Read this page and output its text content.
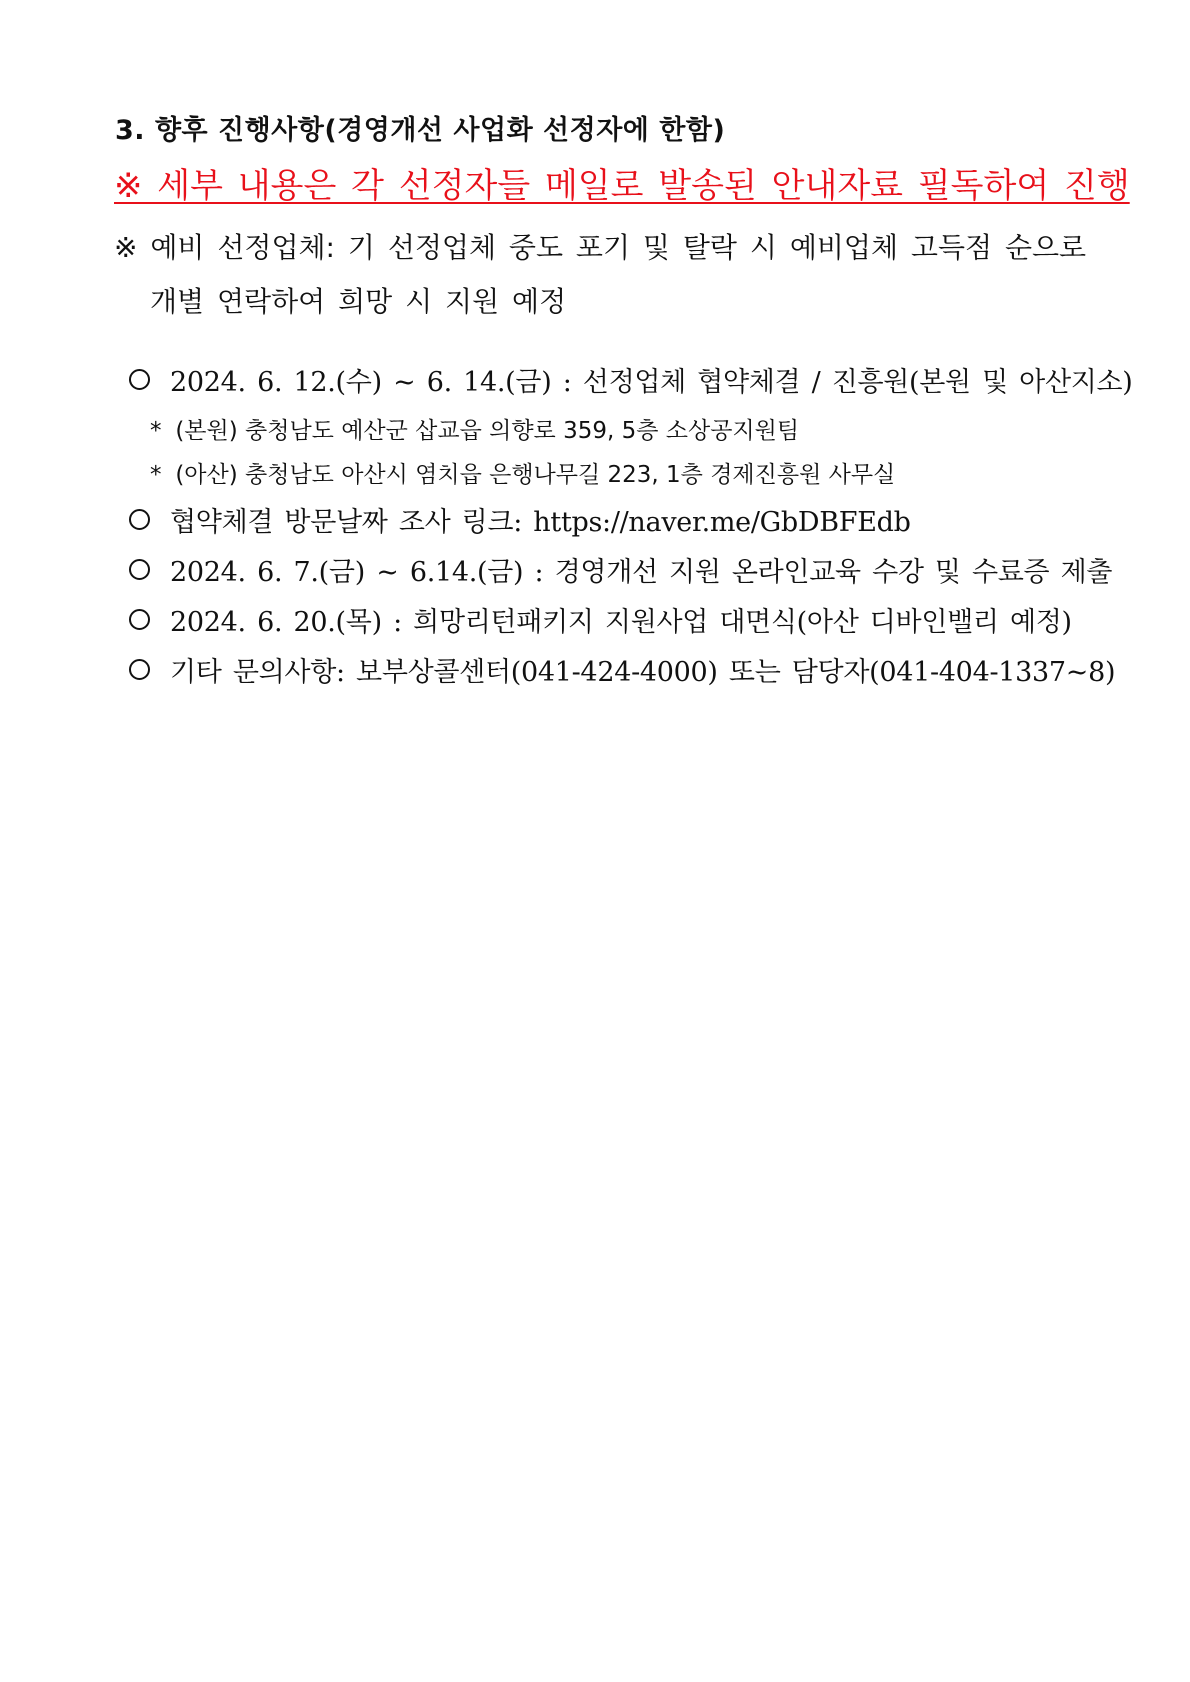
3. 향후 진행사항(경영개선 사업화 선정자에 한함)
※ 세부 내용은 각 선정자들 메일로 발송된 안내자료 필독하여 진행
※ 예비 선정업체: 기 선정업체 중도 포기 및 탈락 시 예비업체 고득점 순으로
개별 연락하여 희망 시 지원 예정
2024. 6. 12.(수) ~ 6. 14.(금) : 선정업체 협약체결 / 진흥원(본원 및 아산지소)
* (본원) 충청남도 예산군 삽교읍 의향로 359, 5층 소상공지원팀
* (아산) 충청남도 아산시 염치읍 은행나무길 223, 1층 경제진흥원 사무실
협약체결 방문날짜 조사 링크: https://naver.me/GbDBFEdb
2024. 6. 7.(금) ~ 6.14.(금) : 경영개선 지원 온라인교육 수강 및 수료증 제출
2024. 6. 20.(목) : 희망리턴패키지 지원사업 대면식(아산 디바인밸리 예정)
기타 문의사항: 보부상콜센터(041-424-4000) 또는 담당자(041-404-1337~8)
